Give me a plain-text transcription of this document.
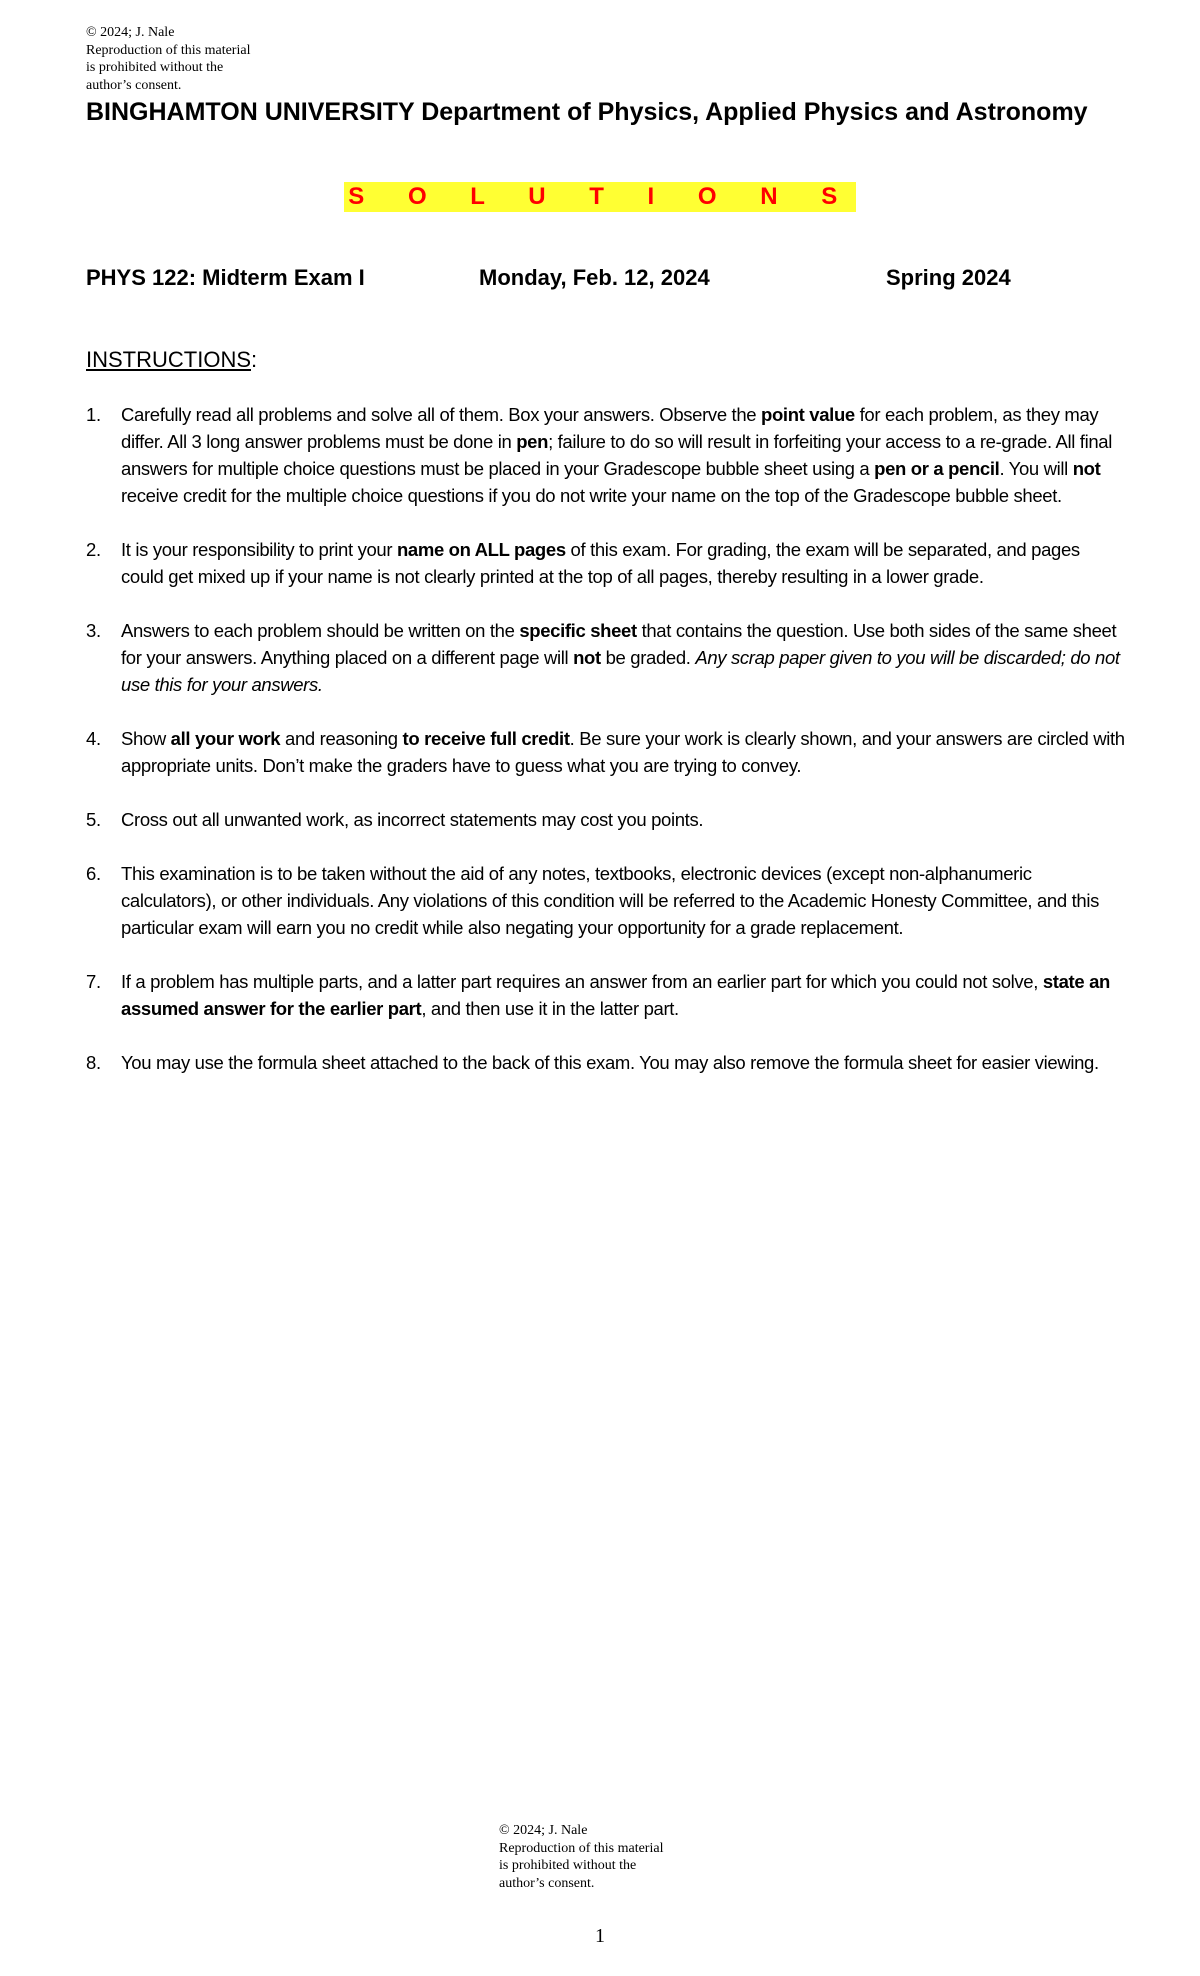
© 2024; J. Nale
Reproduction of this material
is prohibited without the
author’s consent.
BINGHAMTON UNIVERSITY Department of Physics, Applied Physics and Astronomy
S O L U T I O N S
PHYS 122: Midterm Exam I	Monday, Feb. 12, 2024	Spring 2024
INSTRUCTIONS:
1. Carefully read all problems and solve all of them. Box your answers. Observe the point value for each problem, as they may differ. All 3 long answer problems must be done in pen; failure to do so will result in forfeiting your access to a re-grade. All final answers for multiple choice questions must be placed in your Gradescope bubble sheet using a pen or a pencil. You will not receive credit for the multiple choice questions if you do not write your name on the top of the Gradescope bubble sheet.
2. It is your responsibility to print your name on ALL pages of this exam. For grading, the exam will be separated, and pages could get mixed up if your name is not clearly printed at the top of all pages, thereby resulting in a lower grade.
3. Answers to each problem should be written on the specific sheet that contains the question. Use both sides of the same sheet for your answers. Anything placed on a different page will not be graded. Any scrap paper given to you will be discarded; do not use this for your answers.
4. Show all your work and reasoning to receive full credit. Be sure your work is clearly shown, and your answers are circled with appropriate units. Don’t make the graders have to guess what you are trying to convey.
5. Cross out all unwanted work, as incorrect statements may cost you points.
6. This examination is to be taken without the aid of any notes, textbooks, electronic devices (except non-alphanumeric calculators), or other individuals. Any violations of this condition will be referred to the Academic Honesty Committee, and this particular exam will earn you no credit while also negating your opportunity for a grade replacement.
7. If a problem has multiple parts, and a latter part requires an answer from an earlier part for which you could not solve, state an assumed answer for the earlier part, and then use it in the latter part.
8. You may use the formula sheet attached to the back of this exam. You may also remove the formula sheet for easier viewing.
© 2024; J. Nale
Reproduction of this material
is prohibited without the
author’s consent.
1
